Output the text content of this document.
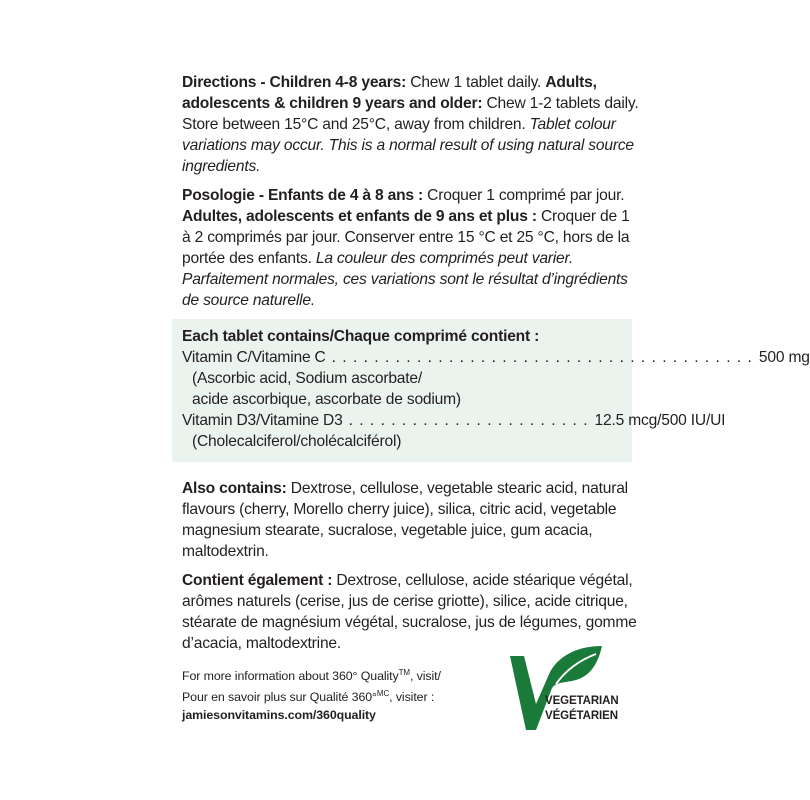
Directions - Children 4-8 years: Chew 1 tablet daily. Adults, adolescents & children 9 years and older: Chew 1-2 tablets daily. Store between 15°C and 25°C, away from children. Tablet colour variations may occur. This is a normal result of using natural source ingredients.

Posologie - Enfants de 4 à 8 ans : Croquer 1 comprimé par jour. Adultes, adolescents et enfants de 9 ans et plus : Croquer de 1 à 2 comprimés par jour. Conserver entre 15 °C et 25 °C, hors de la portée des enfants. La couleur des comprimés peut varier. Parfaitement normales, ces variations sont le résultat d’ingrédients de source naturelle.

Each tablet contains/Chaque comprimé contient :
Vitamin C/Vitamine C . . . . . . . . . . . . . . . . . . . . . . . . . . . . . . . . . . . . . . . . 500 mg
(Ascorbic acid, Sodium ascorbate/
acide ascorbique, ascorbate de sodium)
Vitamin D3/Vitamine D3 . . . . . . . . . . . . . . . . . . . . . . . 12.5 mcg/500 IU/UI
(Cholecalciferol/cholécalciférol)

Also contains: Dextrose, cellulose, vegetable stearic acid, natural flavours (cherry, Morello cherry juice), silica, citric acid, vegetable magnesium stearate, sucralose, vegetable juice, gum acacia, maltodextrin.

Contient également : Dextrose, cellulose, acide stéarique végétal, arômes naturels (cerise, jus de cerise griotte), silice, acide citrique, stéarate de magnésium végétal, sucralose, jus de légumes, gomme d’acacia, maltodextrine.

For more information about 360° Quality™, visit/
Pour en savoir plus sur Qualité 360°$^{MC}$, visiter :
jamiesonvitamins.com/360quality
VEGETARIAN
VÉGÉTARIEN
